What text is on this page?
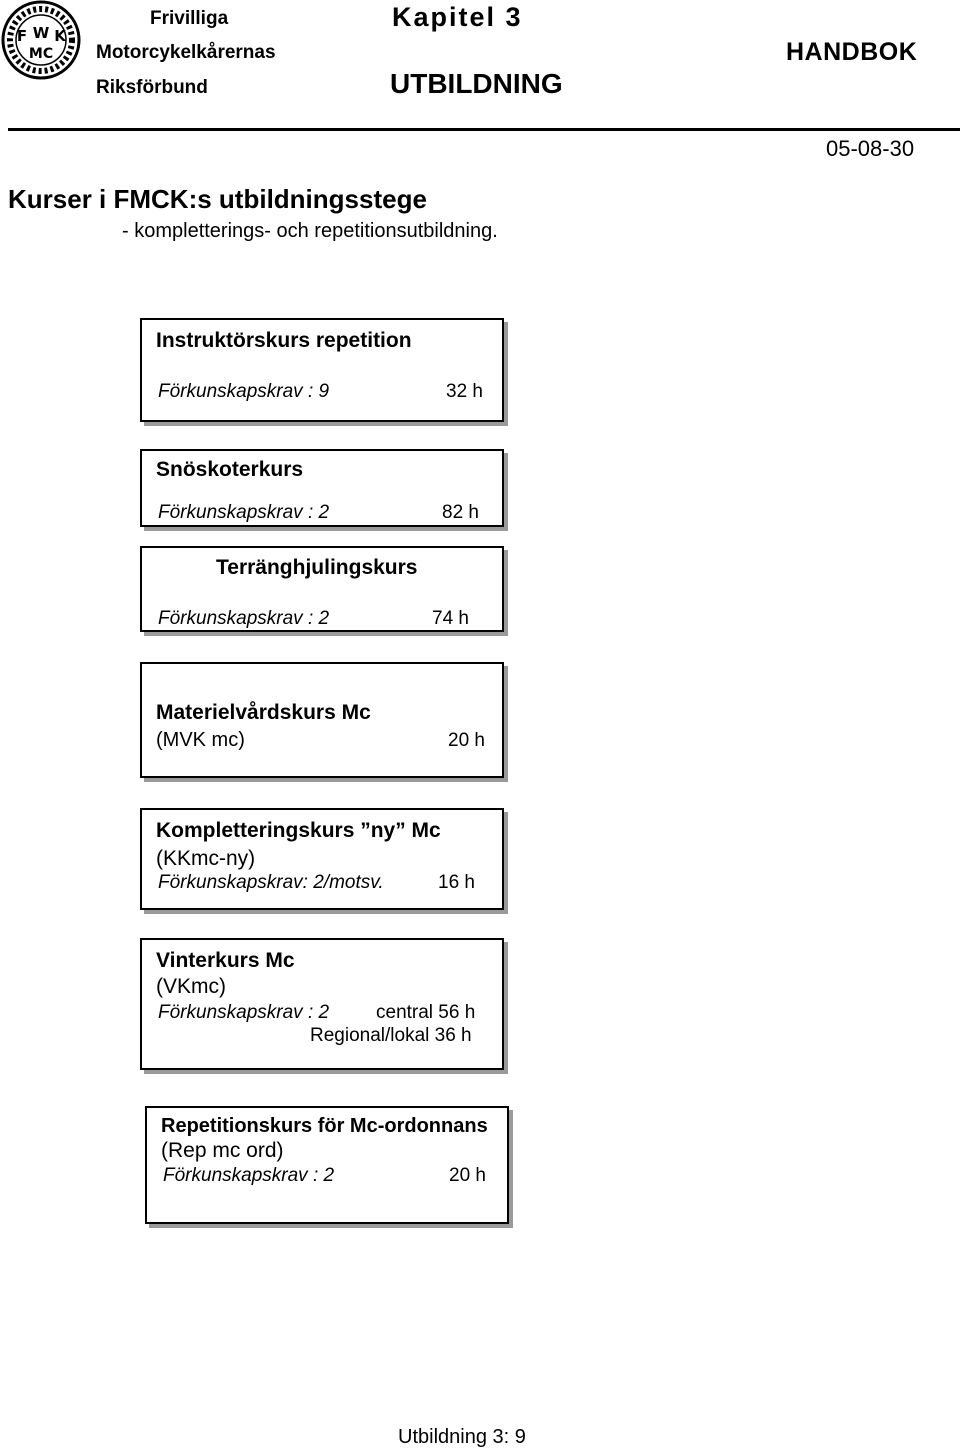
F W K
MC
Frivilliga
Motorcykelkårernas
Riksförbund
Kapitel 3
UTBILDNING
HANDBOK
05-08-30
Kurser i FMCK:s utbildningsstege
- kompletterings- och repetitionsutbildning.
Instruktörskurs repetition
Förkunskapskrav : 9	32 h
Snöskoterkurs
Förkunskapskrav : 2	82 h
Terränghjulingskurs
Förkunskapskrav : 2	74 h
Materielvårdskurs Mc
(MVK mc)	20 h
Kompletteringskurs ”ny” Mc
(KKmc-ny)
Förkunskapskrav: 2/motsv.	16 h
Vinterkurs Mc
(VKmc)
Förkunskapskrav : 2 central 56 h
Regional/lokal 36 h
Repetitionskurs för Mc-ordonnans
(Rep mc ord)
Förkunskapskrav : 2	20 h
Utbildning 3: 9
